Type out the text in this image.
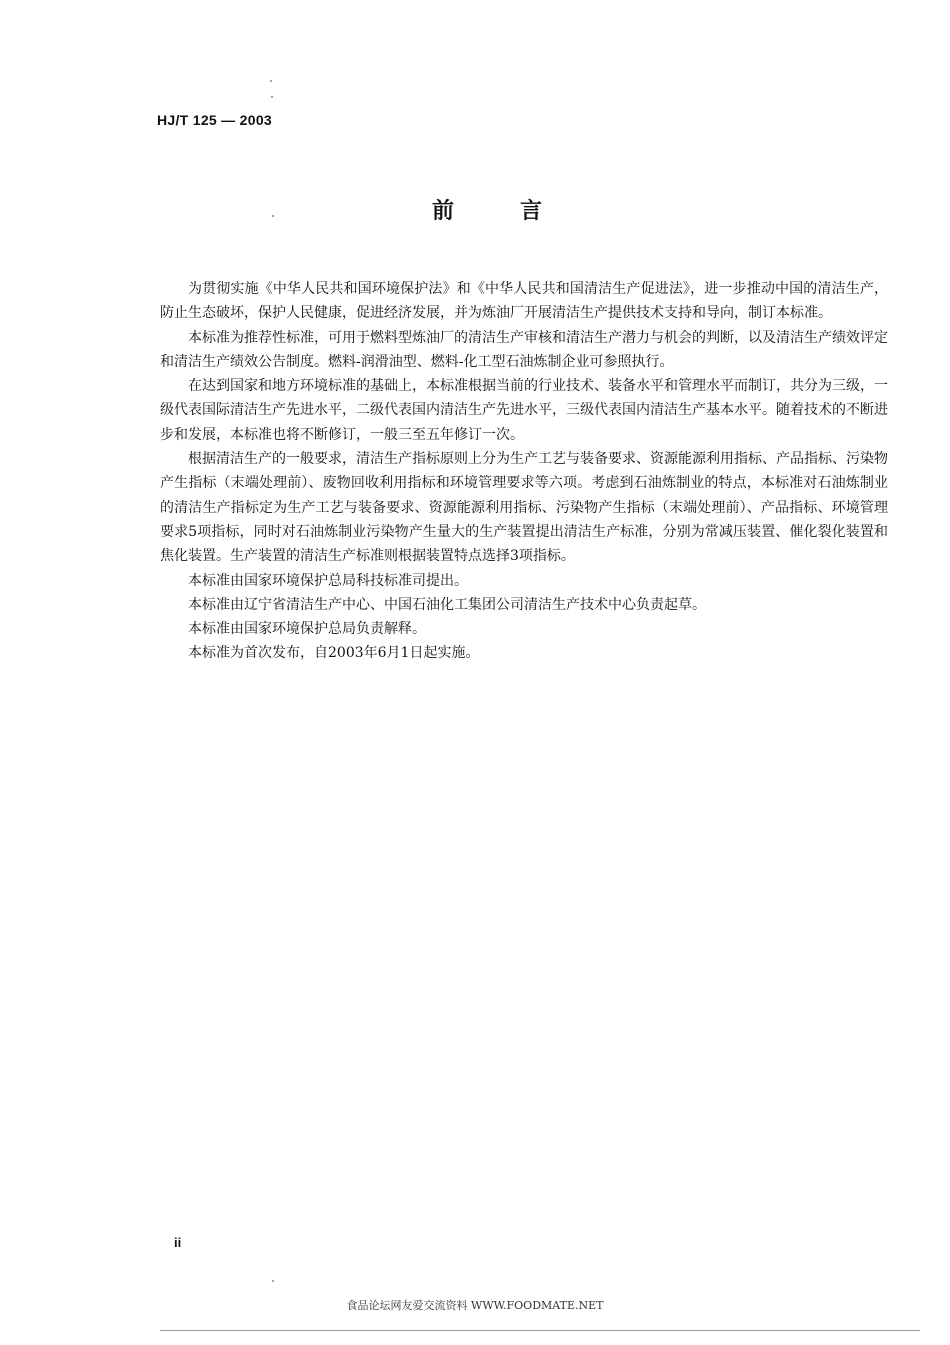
HJ/T 125 — 2003
前言

为贯彻实施《中华人民共和国环境保护法》和《中华人民共和国清洁生产促进法》，进一步推动中国的清洁生产，防止生态破坏，保护人民健康，促进经济发展，并为炼油厂开展清洁生产提供技术支持和导向，制订本标准。

本标准为推荐性标准，可用于燃料型炼油厂的清洁生产审核和清洁生产潜力与机会的判断，以及清洁生产绩效评定和清洁生产绩效公告制度。燃料-润滑油型、燃料-化工型石油炼制企业可参照执行。

在达到国家和地方环境标准的基础上，本标准根据当前的行业技术、装备水平和管理水平而制订，共分为三级，一级代表国际清洁生产先进水平，二级代表国内清洁生产先进水平，三级代表国内清洁生产基本水平。随着技术的不断进步和发展，本标准也将不断修订，一般三至五年修订一次。

根据清洁生产的一般要求，清洁生产指标原则上分为生产工艺与装备要求、资源能源利用指标、产品指标、污染物产生指标（末端处理前）、废物回收利用指标和环境管理要求等六项。考虑到石油炼制业的特点，本标准对石油炼制业的清洁生产指标定为生产工艺与装备要求、资源能源利用指标、污染物产生指标（末端处理前）、产品指标、环境管理要求5项指标，同时对石油炼制业污染物产生量大的生产装置提出清洁生产标准，分别为常减压装置、催化裂化装置和焦化装置。生产装置的清洁生产标准则根据装置特点选择3项指标。

本标准由国家环境保护总局科技标准司提出。

本标准由辽宁省清洁生产中心、中国石油化工集团公司清洁生产技术中心负责起草。

本标准由国家环境保护总局负责解释。

本标准为首次发布，自2003年6月1日起实施。

ii
食品论坛网友爱交流资料 WWW.FOODMATE.NET
